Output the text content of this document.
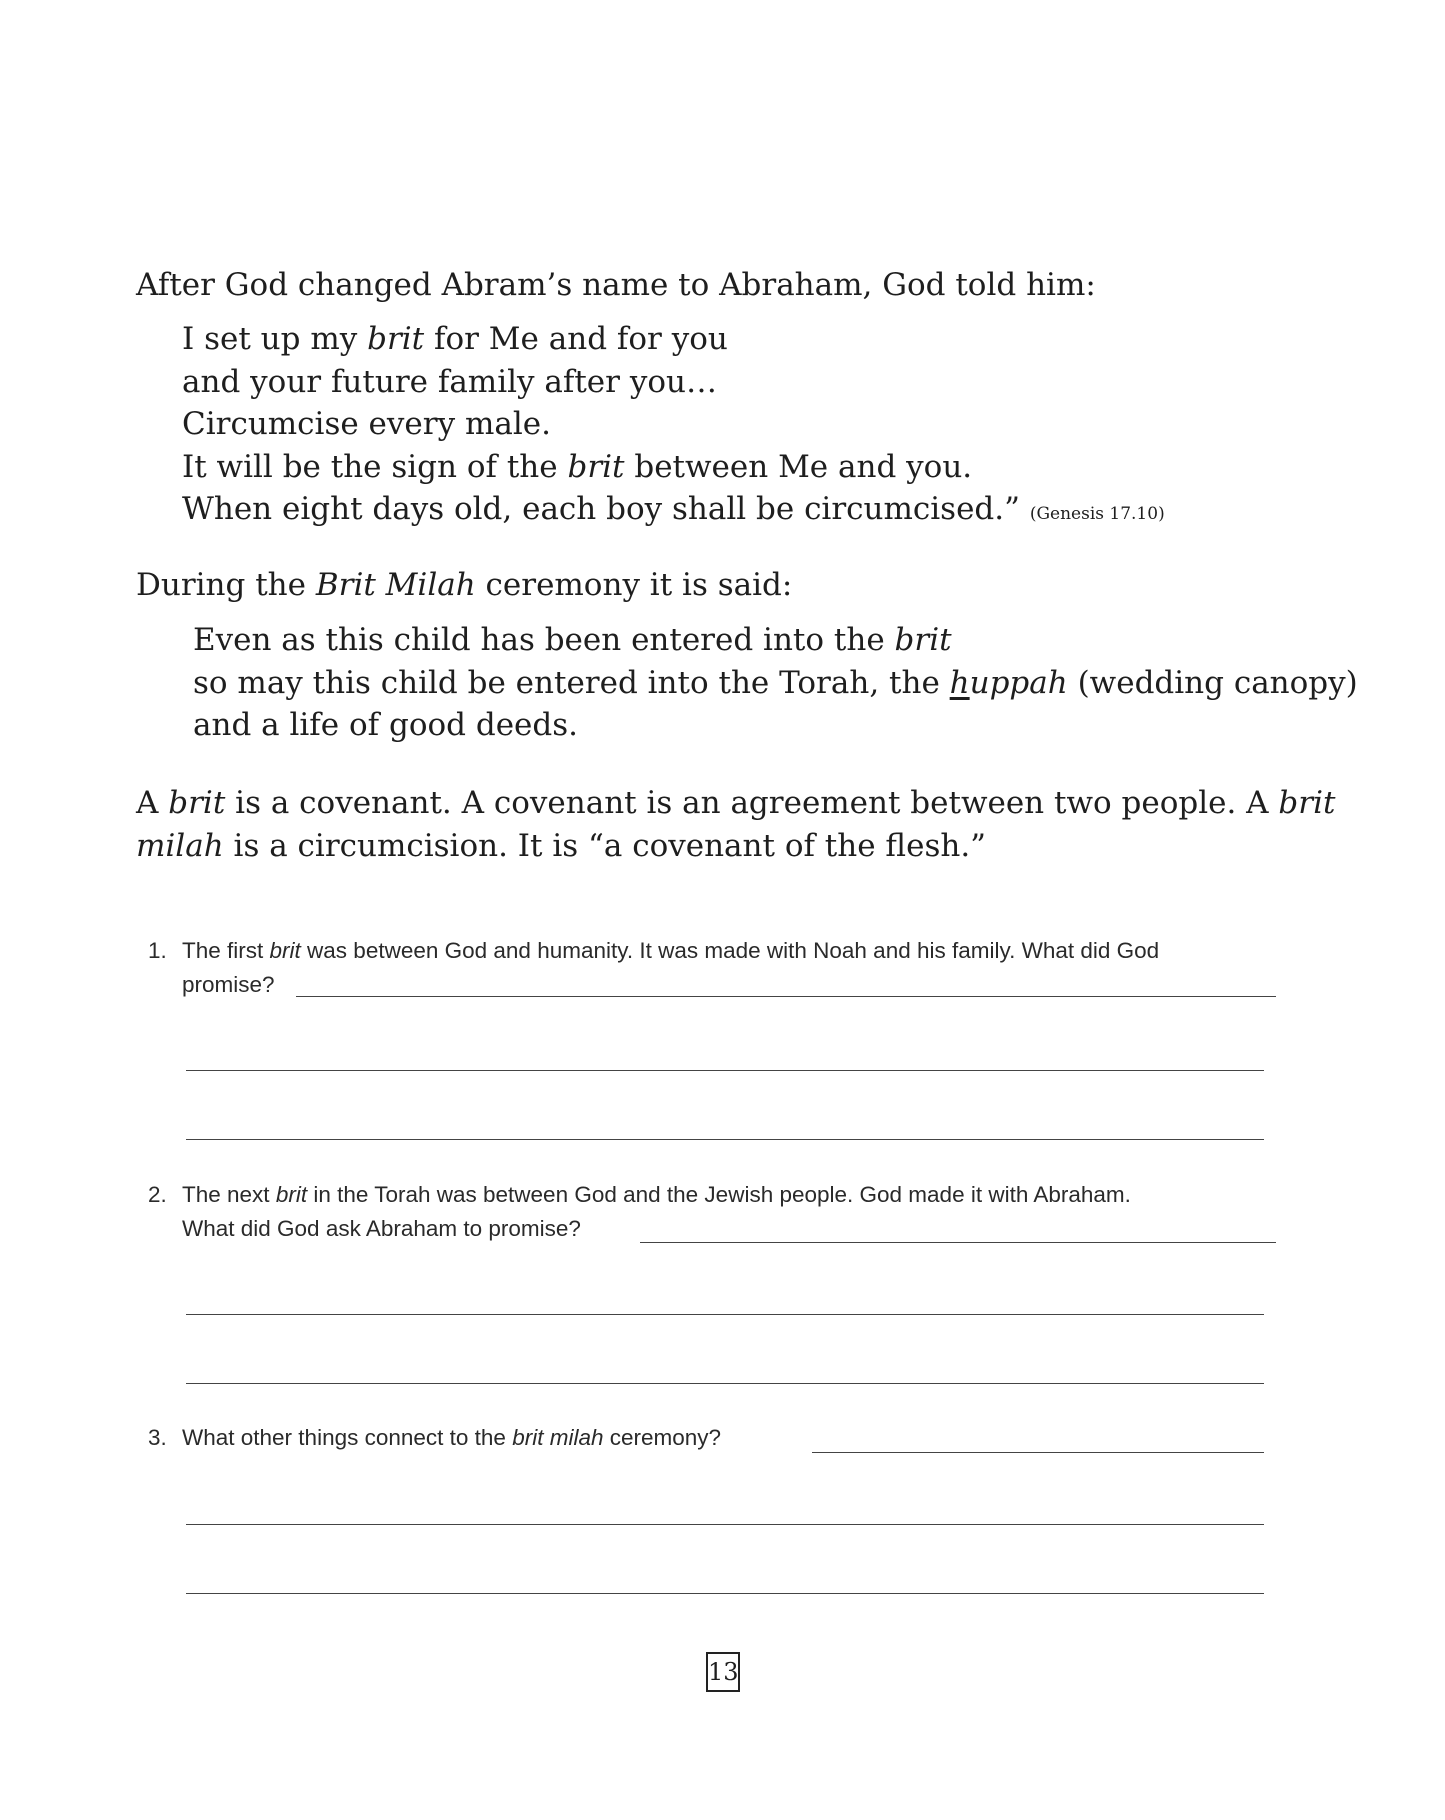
After God changed Abram’s name to Abraham, God told him:

I set up my brit for Me and for you
and your future family after you…
Circumcise every male.
It will be the sign of the brit between Me and you.
When eight days old, each boy shall be circumcised.” (Genesis 17.10)

During the Brit Milah ceremony it is said:

Even as this child has been entered into the brit
so may this child be entered into the Torah, the huppah (wedding canopy)
and a life of good deeds.
A brit is a covenant. A covenant is an agreement between two people. A brit
milah is a circumcision. It is “a covenant of the flesh.”
1. The first brit was between God and humanity. It was made with Noah and his family. What did God
promise?
2. The next brit in the Torah was between God and the Jewish people. God made it with Abraham.
What did God ask Abraham to promise?
3. What other things connect to the brit milah ceremony?
13
